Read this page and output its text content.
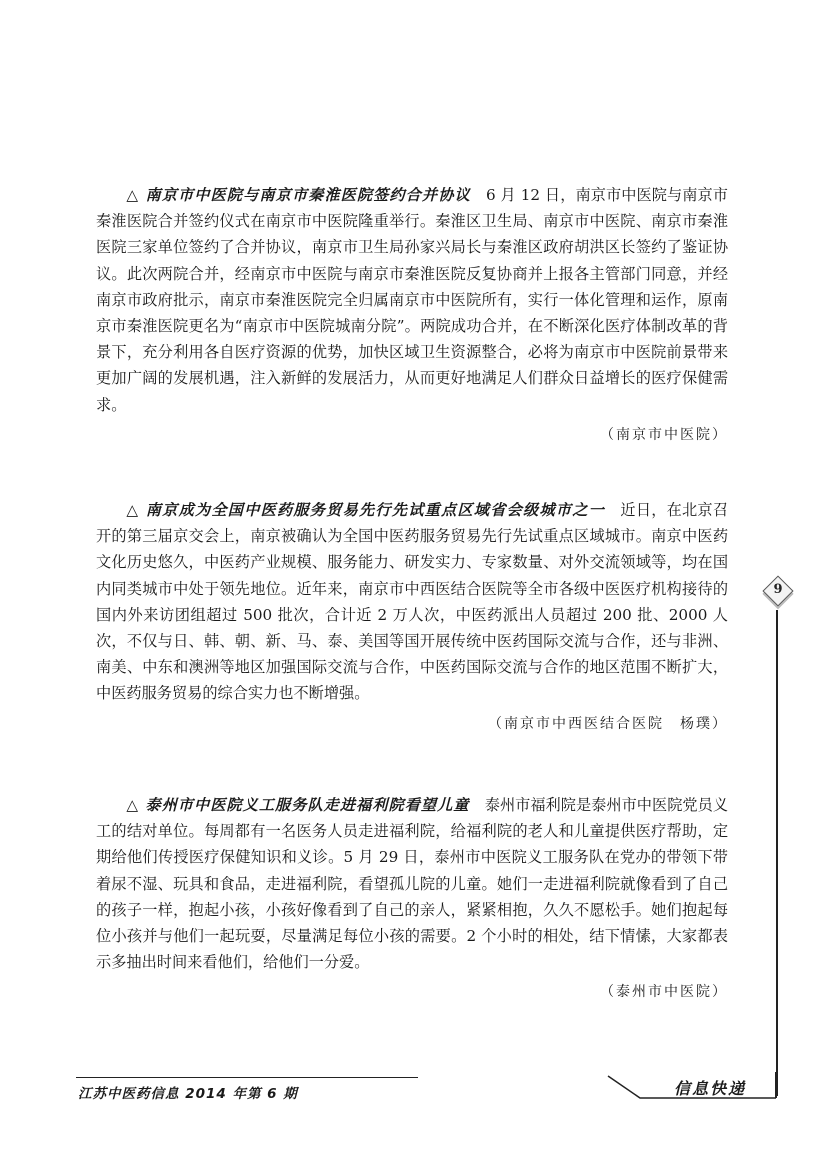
△ 南京市中医院与南京市秦淮医院签约合并协议　 6 月 12 日，南京市中医院与南京市秦淮医院合并签约仪式在南京市中医院隆重举行。秦淮区卫生局、南京市中医院、南京市秦淮医院三家单位签约了合并协议，南京市卫生局孙家兴局长与秦淮区政府胡洪区长签约了鉴证协议。此次两院合并，经南京市中医院与南京市秦淮医院反复协商并上报各主管部门同意，并经南京市政府批示，南京市秦淮医院完全归属南京市中医院所有，实行一体化管理和运作，原南京市秦淮医院更名为“南京市中医院城南分院”。两院成功合并，在不断深化医疗体制改革的背景下，充分利用各自医疗资源的优势，加快区域卫生资源整合，必将为南京市中医院前景带来更加广阔的发展机遇，注入新鲜的发展活力，从而更好地满足人们群众日益增长的医疗保健需求。

（南京市中医院）

△ 南京成为全国中医药服务贸易先行先试重点区域省会级城市之一　 近日，在北京召开的第三届京交会上，南京被确认为全国中医药服务贸易先行先试重点区域城市。南京中医药文化历史悠久，中医药产业规模、服务能力、研发实力、专家数量、对外交流领域等，均在国内同类城市中处于领先地位。近年来，南京市中西医结合医院等全市各级中医医疗机构接待的国内外来访团组超过 500 批次，合计近 2 万人次，中医药派出人员超过 200 批、2000 人次，不仅与日、韩、朝、新、马、泰、美国等国开展传统中医药国际交流与合作，还与非洲、南美、中东和澳洲等地区加强国际交流与合作，中医药国际交流与合作的地区范围不断扩大，中医药服务贸易的综合实力也不断增强。

（南京市中西医结合医院　杨璞）

△ 泰州市中医院义工服务队走进福利院看望儿童　 泰州市福利院是泰州市中医院党员义工的结对单位。每周都有一名医务人员走进福利院，给福利院的老人和儿童提供医疗帮助，定期给他们传授医疗保健知识和义诊。5 月 29 日，泰州市中医院义工服务队在党办的带领下带着尿不湿、玩具和食品，走进福利院，看望孤儿院的儿童。她们一走进福利院就像看到了自己的孩子一样，抱起小孩，小孩好像看到了自己的亲人，紧紧相抱，久久不愿松手。她们抱起每位小孩并与他们一起玩耍，尽量满足每位小孩的需要。2 个小时的相处，结下情愫，大家都表示多抽出时间来看他们，给他们一分爱。

（泰州市中医院）
9
江苏中医药信息 2014 年第 6 期	信息快递
